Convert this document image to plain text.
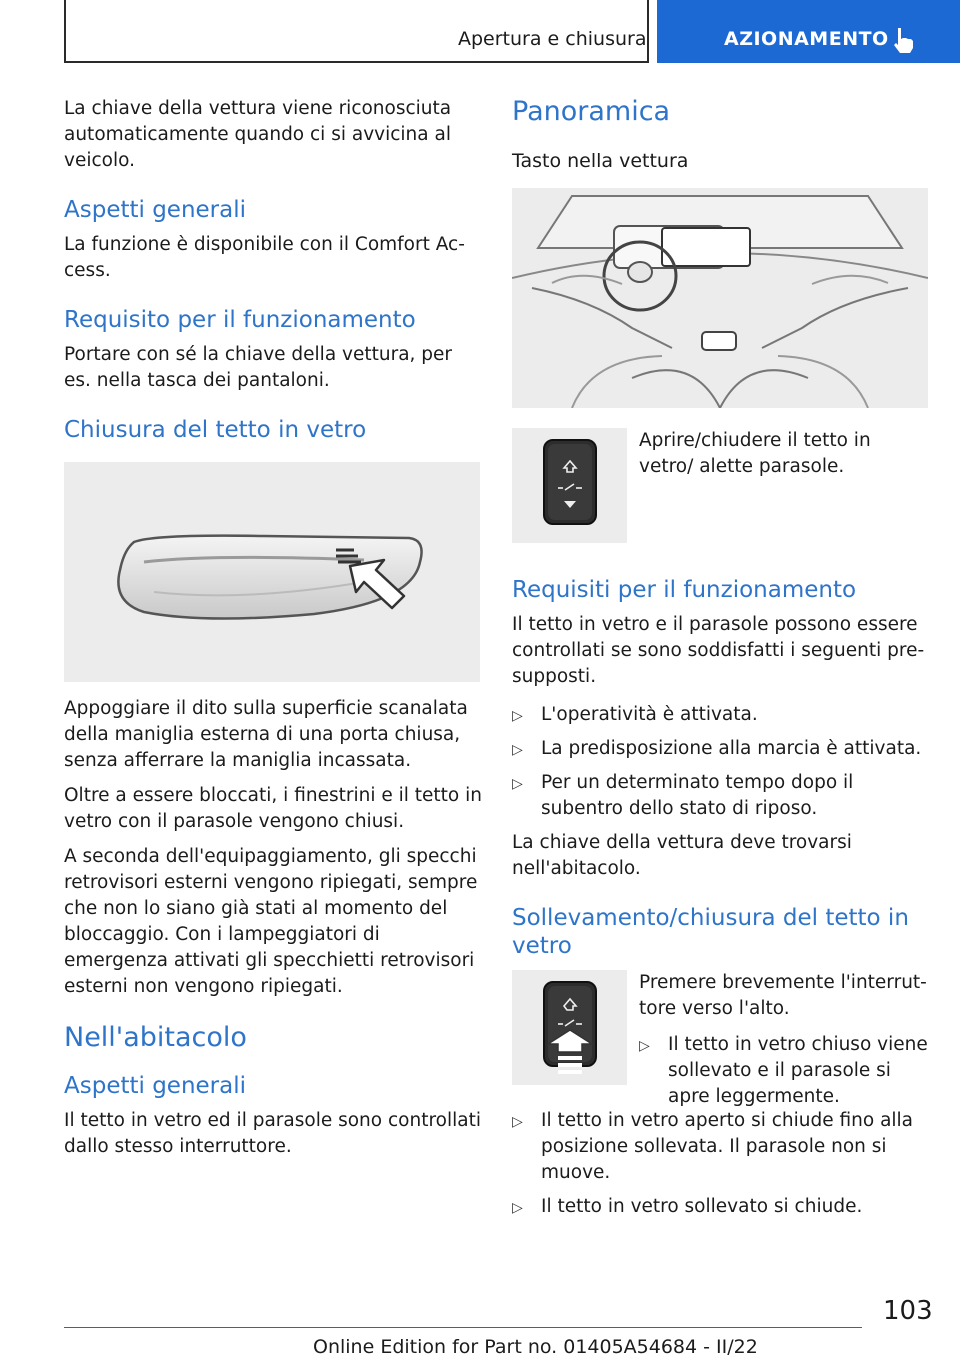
Apertura e chiusura	AZIONAMENTO

La chiave della vettura viene riconosciuta automaticamente quando ci si avvicina al veicolo.

Aspetti generali

La funzione è disponibile con il Comfort Access.

Requisito per il funzionamento

Portare con sé la chiave della vettura, per es. nella tasca dei pantaloni.

Chiusura del tetto in vetro

Appoggiare il dito sulla superficie scanalata della maniglia esterna di una porta chiusa, senza afferrare la maniglia incassata.

Oltre a essere bloccati, i finestrini e il tetto in vetro con il parasole vengono chiusi.

A seconda dell'equipaggiamento, gli specchi retrovisori esterni vengono ripiegati, sempre che non lo siano già stati al momento del bloccaggio. Con i lampeggiatori di emergenza attivati gli specchietti retrovisori esterni non vengono ripiegati.

Nell'abitacolo
Aspetti generali

Il tetto in vetro ed il parasole sono controllati dallo stesso interruttore.

Panoramica

Tasto nella vettura

Aprire/chiudere il tetto in vetro/ alette parasole.

Requisiti per il funzionamento

Il tetto in vetro e il parasole possono essere controllati se sono soddisfatti i seguenti presupposti.

▷ L'operatività è attivata.
▷ La predisposizione alla marcia è attivata.
▷ Per un determinato tempo dopo il subentro dello stato di riposo.

La chiave della vettura deve trovarsi nell'abitacolo.

Sollevamento/chiusura del tetto in vetro

Premere brevemente l'interruttore verso l'alto.

▷ Il tetto in vetro chiuso viene sollevato e il parasole si apre leggermente.
▷ Il tetto in vetro aperto si chiude fino alla posizione sollevata. Il parasole non si muove.
▷ Il tetto in vetro sollevato si chiude.
103
Online Edition for Part no. 01405A54684 - II/22
